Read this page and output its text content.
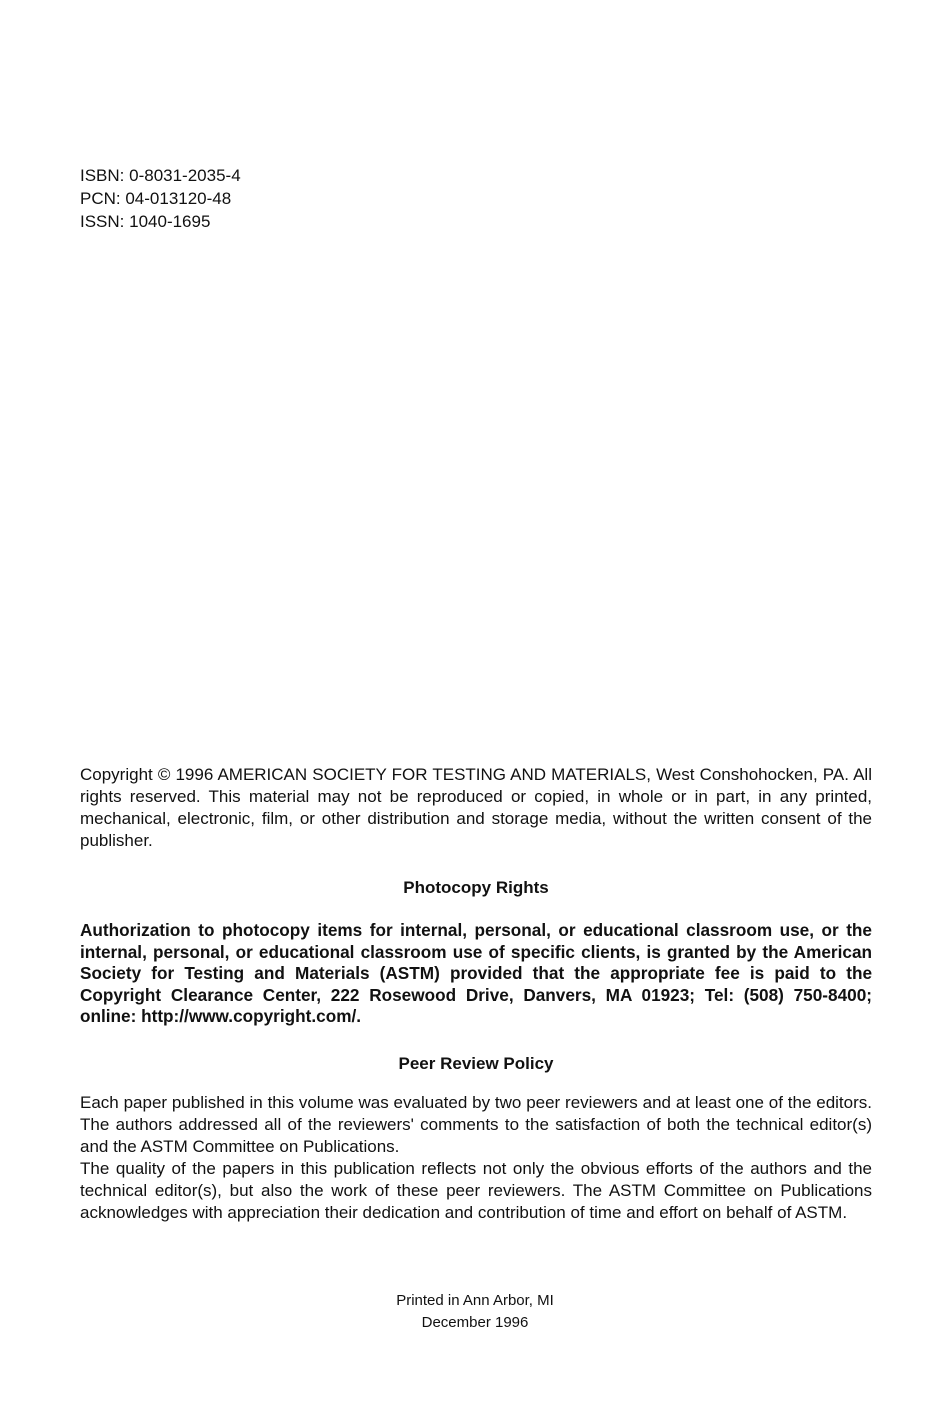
ISBN: 0-8031-2035-4
PCN: 04-013120-48
ISSN: 1040-1695

Copyright © 1996 AMERICAN SOCIETY FOR TESTING AND MATERIALS, West Conshohocken, PA. All rights reserved. This material may not be reproduced or copied, in whole or in part, in any printed, mechanical, electronic, film, or other distribution and storage media, without the written consent of the publisher.

Photocopy Rights

Authorization to photocopy items for internal, personal, or educational classroom use, or the internal, personal, or educational classroom use of specific clients, is granted by the American Society for Testing and Materials (ASTM) provided that the appropriate fee is paid to the Copyright Clearance Center, 222 Rosewood Drive, Danvers, MA 01923; Tel: (508) 750-8400; online: http://www.copyright.com/.

Peer Review Policy

Each paper published in this volume was evaluated by two peer reviewers and at least one of the editors. The authors addressed all of the reviewers' comments to the satisfaction of both the technical editor(s) and the ASTM Committee on Publications.

The quality of the papers in this publication reflects not only the obvious efforts of the authors and the technical editor(s), but also the work of these peer reviewers. The ASTM Committee on Publications acknowledges with appreciation their dedication and contribution of time and effort on behalf of ASTM.

Printed in Ann Arbor, MI
December 1996
